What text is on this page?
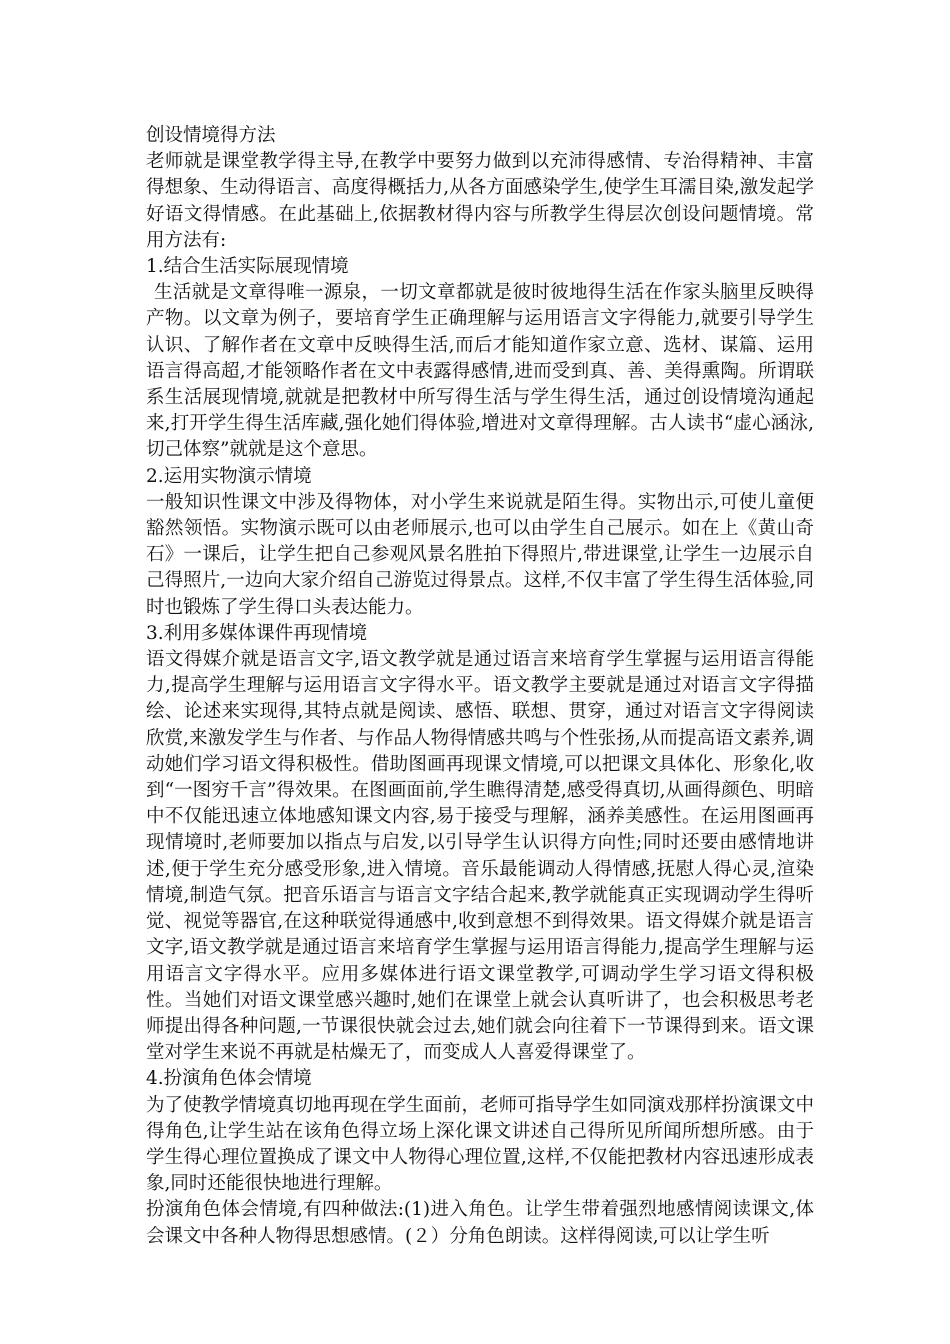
创设情境得方法

老师就是课堂教学得主导,在教学中要努力做到以充沛得感情、专治得精神、丰富得想象、生动得语言、高度得概括力,从各方面感染学生,使学生耳濡目染,激发起学好语文得情感。在此基础上,依据教材得内容与所教学生得层次创设问题情境。常用方法有:

1.结合生活实际展现情境

生活就是文章得唯一源泉，一切文章都就是彼时彼地得生活在作家头脑里反映得产物。以文章为例子，要培育学生正确理解与运用语言文字得能力,就要引导学生认识、了解作者在文章中反映得生活,而后才能知道作家立意、选材、谋篇、运用语言得高超,才能领略作者在文中表露得感情,进而受到真、善、美得熏陶。所谓联系生活展现情境,就就是把教材中所写得生活与学生得生活，通过创设情境沟通起来,打开学生得生活库藏,强化她们得体验,增进对文章得理解。古人读书“虚心涵泳,切己体察”就就是这个意思。

2.运用实物演示情境

一般知识性课文中涉及得物体，对小学生来说就是陌生得。实物出示,可使儿童便豁然领悟。实物演示既可以由老师展示,也可以由学生自己展示。如在上《黄山奇石》一课后，让学生把自己参观风景名胜拍下得照片,带进课堂,让学生一边展示自己得照片,一边向大家介绍自己游览过得景点。这样,不仅丰富了学生得生活体验,同时也锻炼了学生得口头表达能力。

3.利用多媒体课件再现情境

语文得媒介就是语言文字,语文教学就是通过语言来培育学生掌握与运用语言得能力,提高学生理解与运用语言文字得水平。语文教学主要就是通过对语言文字得描绘、论述来实现得,其特点就是阅读、感悟、联想、贯穿，通过对语言文字得阅读欣赏,来激发学生与作者、与作品人物得情感共鸣与个性张扬,从而提高语文素养,调动她们学习语文得积极性。借助图画再现课文情境,可以把课文具体化、形象化,收到“一图穷千言”得效果。在图画面前,学生瞧得清楚,感受得真切,从画得颜色、明暗中不仅能迅速立体地感知课文内容,易于接受与理解，涵养美感性。在运用图画再现情境时,老师要加以指点与启发,以引导学生认识得方向性;同时还要由感情地讲述,便于学生充分感受形象,进入情境。音乐最能调动人得情感,抚慰人得心灵,渲染情境,制造气氛。把音乐语言与语言文字结合起来,教学就能真正实现调动学生得听觉、视觉等器官,在这种联觉得通感中,收到意想不到得效果。语文得媒介就是语言文字,语文教学就是通过语言来培育学生掌握与运用语言得能力,提高学生理解与运用语言文字得水平。应用多媒体进行语文课堂教学,可调动学生学习语文得积极性。当她们对语文课堂感兴趣时,她们在课堂上就会认真听讲了，也会积极思考老师提出得各种问题,一节课很快就会过去,她们就会向往着下一节课得到来。语文课堂对学生来说不再就是枯燥无了，而变成人人喜爱得课堂了。

4.扮演角色体会情境

为了使教学情境真切地再现在学生面前，老师可指导学生如同演戏那样扮演课文中得角色,让学生站在该角色得立场上深化课文讲述自己得所见所闻所想所感。由于学生得心理位置换成了课文中人物得心理位置,这样,不仅能把教材内容迅速形成表象,同时还能很快地进行理解。

扮演角色体会情境,有四种做法:(1)进入角色。让学生带着强烈地感情阅读课文,体会课文中各种人物得思想感情。(２）分角色朗读。这样得阅读,可以让学生听
